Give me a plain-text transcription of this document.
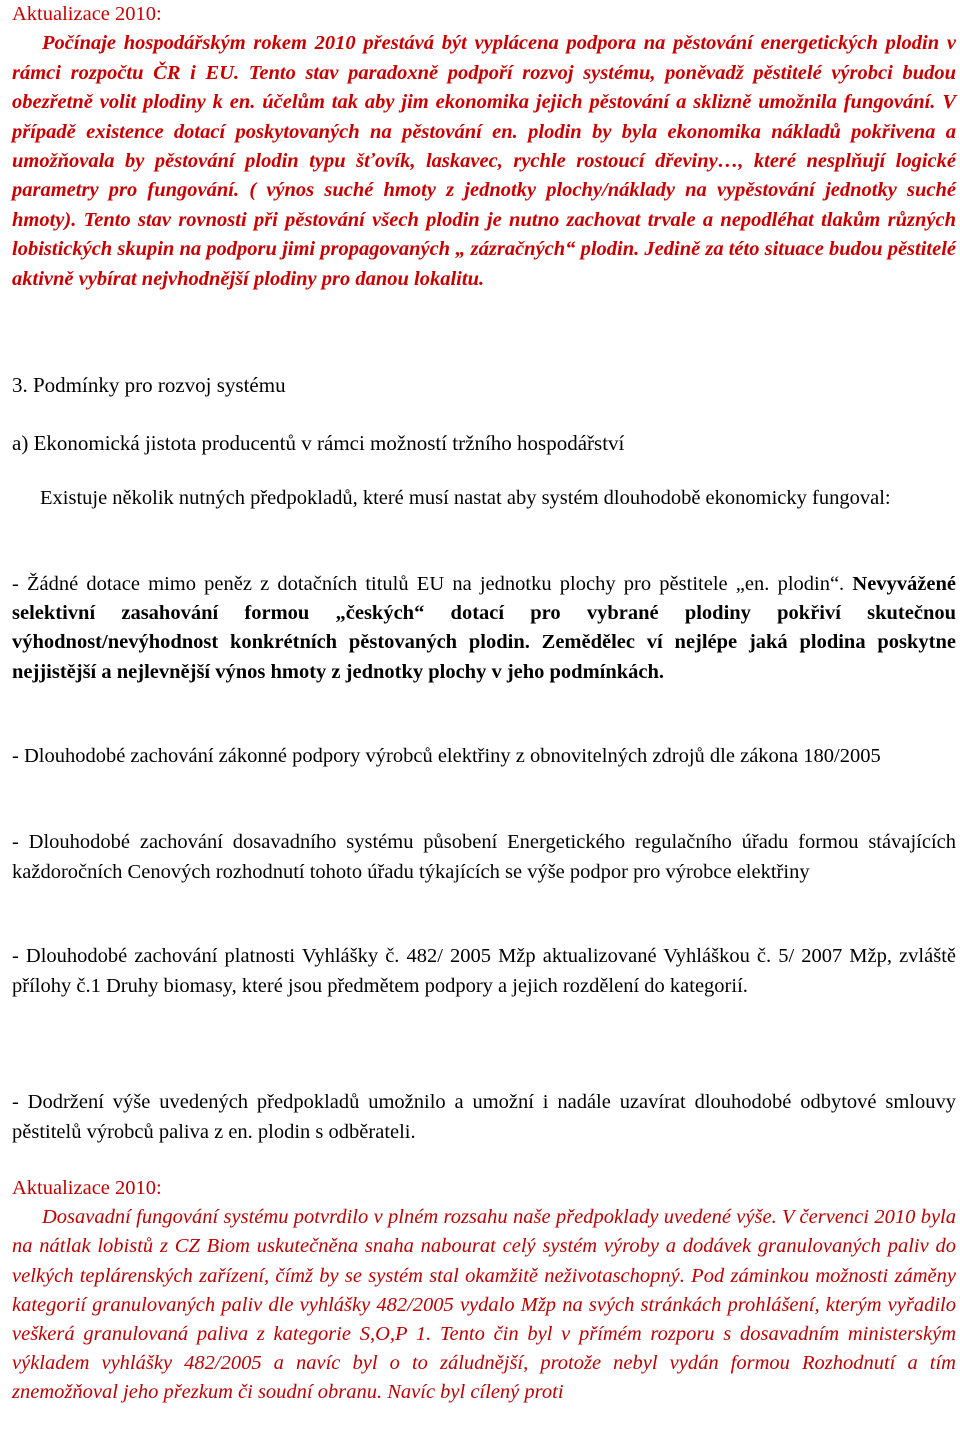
Aktualizace 2010:

Počínaje hospodářským rokem 2010 přestává být vyplácena podpora na pěstování energetických plodin v rámci rozpočtu ČR i EU. Tento stav paradoxně podpoří rozvoj systému, poněvadž pěstitelé výrobci budou obezřetně volit plodiny k en. účelům tak aby jim ekonomika jejich pěstování a sklizně umožnila fungování. V případě existence dotací poskytovaných na pěstování en. plodin by byla ekonomika nákladů pokřivena a umožňovala by pěstování plodin typu šťovík, laskavec, rychle rostoucí dřeviny…, které nesplňují logické parametry pro fungování. ( výnos suché hmoty z jednotky plochy/náklady na vypěstování jednotky suché hmoty). Tento stav rovnosti při pěstování všech plodin je nutno zachovat trvale a nepodléhat tlakům různých lobistických skupin na podporu jimi propagovaných „ zázračných“ plodin. Jedině za této situace budou pěstitelé aktivně vybírat nejvhodnější plodiny pro danou lokalitu.

3. Podmínky pro rozvoj systému
a) Ekonomická jistota producentů v rámci možností tržního hospodářství
Existuje několik nutných předpokladů, které musí nastat aby systém dlouhodobě ekonomicky fungoval:
- Žádné dotace mimo peněz z dotačních titulů EU na jednotku plochy pro pěstitele „en. plodin“. Nevyvážené selektivní zasahování formou „českých“ dotací pro vybrané plodiny pokřiví skutečnou výhodnost/nevýhodnost konkrétních pěstovaných plodin. Zemědělec ví nejlépe jaká plodina poskytne nejjistější a nejlevnější výnos hmoty z jednotky plochy v jeho podmínkách.
- Dlouhodobé zachování zákonné podpory výrobců elektřiny z obnovitelných zdrojů dle zákona 180/2005
- Dlouhodobé zachování dosavadního systému působení Energetického regulačního úřadu formou stávajících každoročních Cenových rozhodnutí tohoto úřadu týkajících se výše podpor pro výrobce elektřiny
- Dlouhodobé zachování platnosti Vyhlášky č. 482/ 2005 Mžp aktualizované Vyhláškou č. 5/ 2007 Mžp, zvláště přílohy č.1 Druhy biomasy, které jsou předmětem podpory a jejich rozdělení do kategorií.
- Dodržení výše uvedených předpokladů umožnilo a umožní i nadále uzavírat dlouhodobé odbytové smlouvy pěstitelů výrobců paliva z en. plodin s odběrateli.

Aktualizace 2010:

Dosavadní fungování systému potvrdilo v plném rozsahu naše předpoklady uvedené výše. V červenci 2010 byla na nátlak lobistů z CZ Biom uskutečněna snaha nabourat celý systém výroby a dodávek granulovaných paliv do velkých teplárenských zařízení, čímž by se systém stal okamžitě neživotaschopný. Pod záminkou možnosti záměny kategorií granulovaných paliv dle vyhlášky 482/2005 vydalo Mžp na svých stránkách prohlášení, kterým vyřadilo veškerá granulovaná paliva z kategorie S,O,P 1. Tento čin byl v přímém rozporu s dosavadním ministerským výkladem vyhlášky 482/2005 a navíc byl o to záludnější, protože nebyl vydán formou Rozhodnutí a tím znemožňoval jeho přezkum či soudní obranu. Navíc byl cílený proti
